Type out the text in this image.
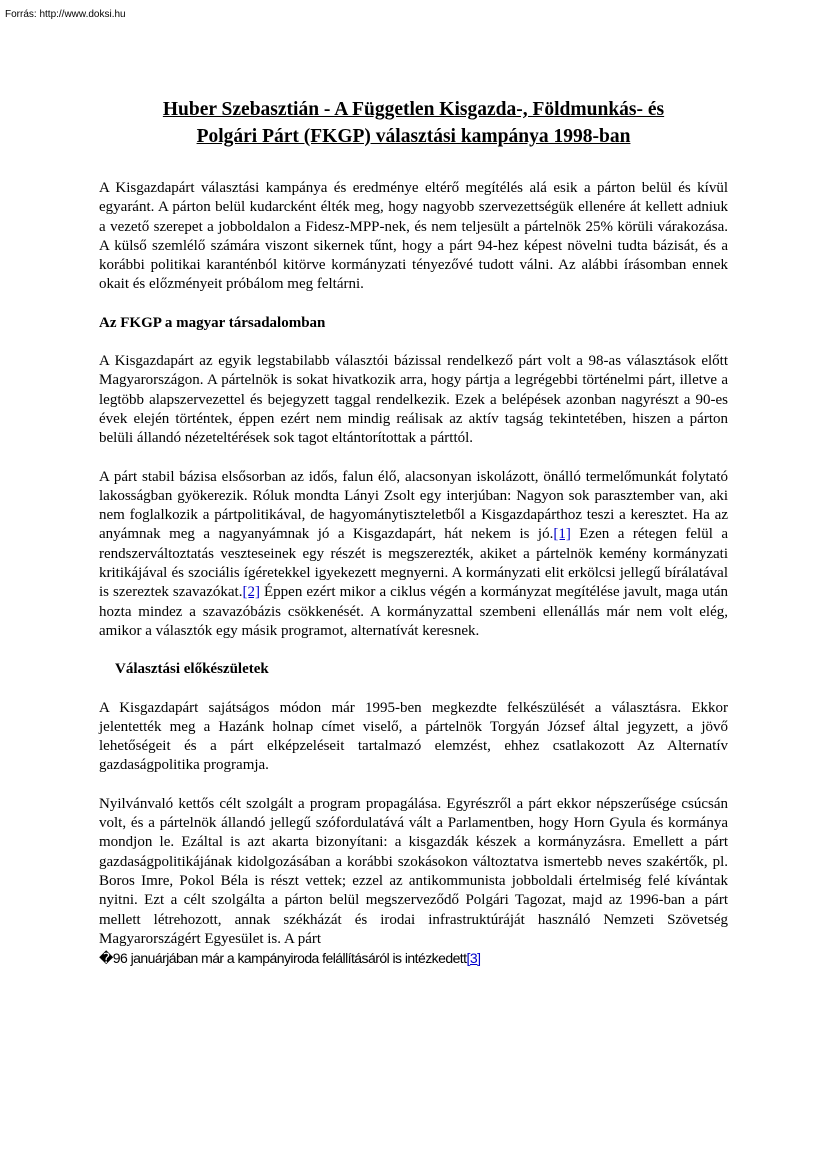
Forrás: http://www.doksi.hu
Huber Szebasztián - A Független Kisgazda-, Földmunkás- és
Polgári Párt (FKGP) választási kampánya 1998-ban

A Kisgazdapárt választási kampánya és eredménye eltérő megítélés alá esik a párton belül és kívül egyaránt. A párton belül kudarcként élték meg, hogy nagyobb szervezettségük ellenére át kellett adniuk a vezető szerepet a jobboldalon a Fidesz-MPP-nek, és nem teljesült a pártelnök 25% körüli várakozása. A külső szemlélő számára viszont sikernek tűnt, hogy a párt 94-hez képest növelni tudta bázisát, és a korábbi politikai karanténból kitörve kormányzati tényezővé tudott válni. Az alábbi írásomban ennek okait és előzményeit próbálom meg feltárni.

Az FKGP a magyar társadalomban

A Kisgazdapárt az egyik legstabilabb választói bázissal rendelkező párt volt a 98-as választások előtt Magyarországon. A pártelnök is sokat hivatkozik arra, hogy pártja a legrégebbi történelmi párt, illetve a legtöbb alapszervezettel és bejegyzett taggal rendelkezik. Ezek a belépések azonban nagyrészt a 90-es évek elején történtek, éppen ezért nem mindig reálisak az aktív tagság tekintetében, hiszen a párton belüli állandó nézeteltérések sok tagot eltántorítottak a párttól.

A párt stabil bázisa elsősorban az idős, falun élő, alacsonyan iskolázott, önálló termelőmunkát folytató lakosságban gyökerezik. Róluk mondta Lányi Zsolt egy interjúban: Nagyon sok parasztember van, aki nem foglalkozik a pártpolitikával, de hagyománytiszteletből a Kisgazdapárthoz teszi a keresztet. Ha az anyámnak meg a nagyanyámnak jó a Kisgazdapárt, hát nekem is jó.[1] Ezen a rétegen felül a rendszerváltoztatás veszteseinek egy részét is megszerezték, akiket a pártelnök kemény kormányzati kritikájával és szociális ígéretekkel igyekezett megnyerni. A kormányzati elit erkölcsi jellegű bírálatával is szereztek szavazókat.[2] Éppen ezért mikor a ciklus végén a kormányzat megítélése javult, maga után hozta mindez a szavazóbázis csökkenését. A kormányzattal szembeni ellenállás már nem volt elég, amikor a választók egy másik programot, alternatívát keresnek.

Választási előkészületek

A Kisgazdapárt sajátságos módon már 1995-ben megkezdte felkészülését a választásra. Ekkor jelentették meg a Hazánk holnap címet viselő, a pártelnök Torgyán József által jegyzett, a jövő lehetőségeit és a párt elképzeléseit tartalmazó elemzést, ehhez csatlakozott Az Alternatív gazdaságpolitika programja.

Nyilvánvaló kettős célt szolgált a program propagálása. Egyrészről a párt ekkor népszerűsége csúcsán volt, és a pártelnök állandó jellegű szófordulatává vált a Parlamentben, hogy Horn Gyula és kormánya mondjon le. Ezáltal is azt akarta bizonyítani: a kisgazdák készek a kormányzásra. Emellett a párt gazdaságpolitikájának kidolgozásában a korábbi szokásokon változtatva ismertebb neves szakértők, pl. Boros Imre, Pokol Béla is részt vettek; ezzel az antikommunista jobboldali értelmiség felé kívántak nyitni. Ezt a célt szolgálta a párton belül megszerveződő Polgári Tagozat, majd az 1996-ban a párt mellett létrehozott, annak székházát és irodai infrastruktúráját használó Nemzeti Szövetség Magyarországért Egyesület is. A párt

�96 januárjában már a kampányiroda felállításáról is intézkedett[3]
